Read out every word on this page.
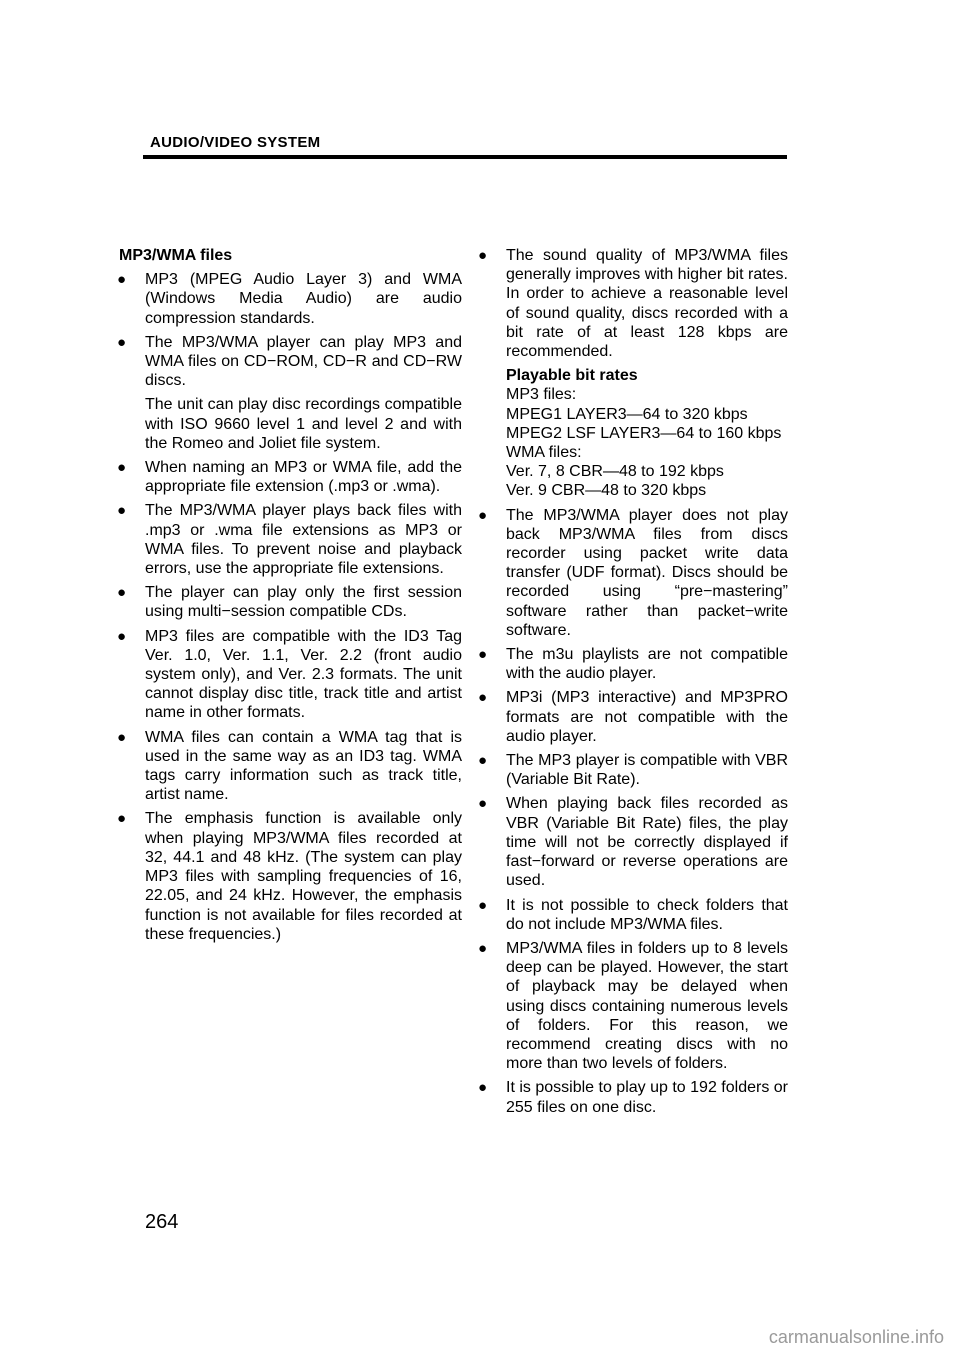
AUDIO/VIDEO SYSTEM
MP3/WMA files
● MP3 (MPEG Audio Layer 3) and WMA (Windows Media Audio) are audio compression standards.
● The MP3/WMA player can play MP3 and WMA files on CD−ROM, CD−R and CD−RW discs.
The unit can play disc recordings compatible with ISO 9660 level 1 and level 2 and with the Romeo and Joliet file system.
● When naming an MP3 or WMA file, add the appropriate file extension (.mp3 or .wma).
● The MP3/WMA player plays back files with .mp3 or .wma file extensions as MP3 or WMA files. To prevent noise and playback errors, use the appropriate file extensions.
● The player can play only the first session using multi−session compatible CDs.
● MP3 files are compatible with the ID3 Tag Ver. 1.0, Ver. 1.1, Ver. 2.2 (front audio system only), and Ver. 2.3 formats. The unit cannot display disc title, track title and artist name in other formats.
● WMA files can contain a WMA tag that is used in the same way as an ID3 tag. WMA tags carry information such as track title, artist name.
● The emphasis function is available only when playing MP3/WMA files recorded at 32, 44.1 and 48 kHz. (The system can play MP3 files with sampling frequencies of 16, 22.05, and 24 kHz. However, the emphasis function is not available for files recorded at these frequencies.)
● The sound quality of MP3/WMA files generally improves with higher bit rates. In order to achieve a reasonable level of sound quality, discs recorded with a bit rate of at least 128 kbps are recommended.
Playable bit rates
MP3 files:
MPEG1 LAYER3—64 to 320 kbps
MPEG2 LSF LAYER3—64 to 160 kbps
WMA files:
Ver. 7, 8 CBR—48 to 192 kbps
Ver. 9 CBR—48 to 320 kbps
● The MP3/WMA player does not play back MP3/WMA files from discs recorder using packet write data transfer (UDF format). Discs should be recorded using “pre−mastering” software rather than packet−write software.
● The m3u playlists are not compatible with the audio player.
● MP3i (MP3 interactive) and MP3PRO formats are not compatible with the audio player.
● The MP3 player is compatible with VBR (Variable Bit Rate).
● When playing back files recorded as VBR (Variable Bit Rate) files, the play time will not be correctly displayed if fast−forward or reverse operations are used.
● It is not possible to check folders that do not include MP3/WMA files.
● MP3/WMA files in folders up to 8 levels deep can be played. However, the start of playback may be delayed when using discs containing numerous levels of folders. For this reason, we recommend creating discs with no more than two levels of folders.
● It is possible to play up to 192 folders or 255 files on one disc.
264
carmanualsonline.info
